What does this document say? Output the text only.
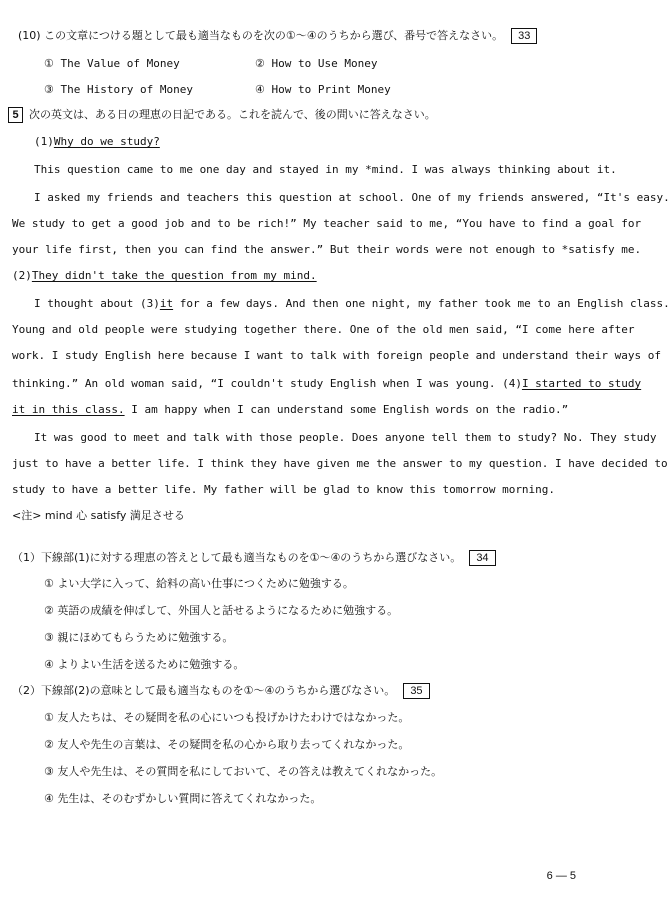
(10) この文章につける題として最も適当なものを次の①～④のうちから選び、番号で答えなさい。 33
① The Value of Money	② How to Use Money
③ The History of Money	④ How to Print Money
5 次の英文は、ある日の理恵の日記である。これを読んで、後の問いに答えなさい。
(1)Why do we study?
This question came to me one day and stayed in my *mind. I was always thinking about it.
I asked my friends and teachers this question at school. One of my friends answered, “It's easy.
We study to get a good job and to be rich!” My teacher said to me, “You have to find a goal for
your life first, then you can find the answer.” But their words were not enough to *satisfy me.
(2)They didn't take the question from my mind.
I thought about (3)it for a few days. And then one night, my father took me to an English class.
Young and old people were studying together there. One of the old men said, “I come here after
work. I study English here because I want to talk with foreign people and understand their ways of
thinking.” An old woman said, “I couldn't study English when I was young. (4)I started to study
it in this class. I am happy when I can understand some English words on the radio.”
It was good to meet and talk with those people. Does anyone tell them to study? No. They study
just to have a better life. I think they have given me the answer to my question. I have decided to
study to have a better life. My father will be glad to know this tomorrow morning.
<注> mind 心 satisfy 満足させる
（1）下線部(1)に対する理恵の答えとして最も適当なものを①～④のうちから選びなさい。 34
① よい大学に入って、給料の高い仕事につくために勉強する。
② 英語の成績を伸ばして、外国人と話せるようになるために勉強する。
③ 親にほめてもらうために勉強する。
④ よりよい生活を送るために勉強する。
（2）下線部(2)の意味として最も適当なものを①～④のうちから選びなさい。 35
① 友人たちは、その疑問を私の心にいつも投げかけたわけではなかった。
② 友人や先生の言葉は、その疑問を私の心から取り去ってくれなかった。
③ 友人や先生は、その質問を私にしておいて、その答えは教えてくれなかった。
④ 先生は、そのむずかしい質問に答えてくれなかった。
6 ― 5
